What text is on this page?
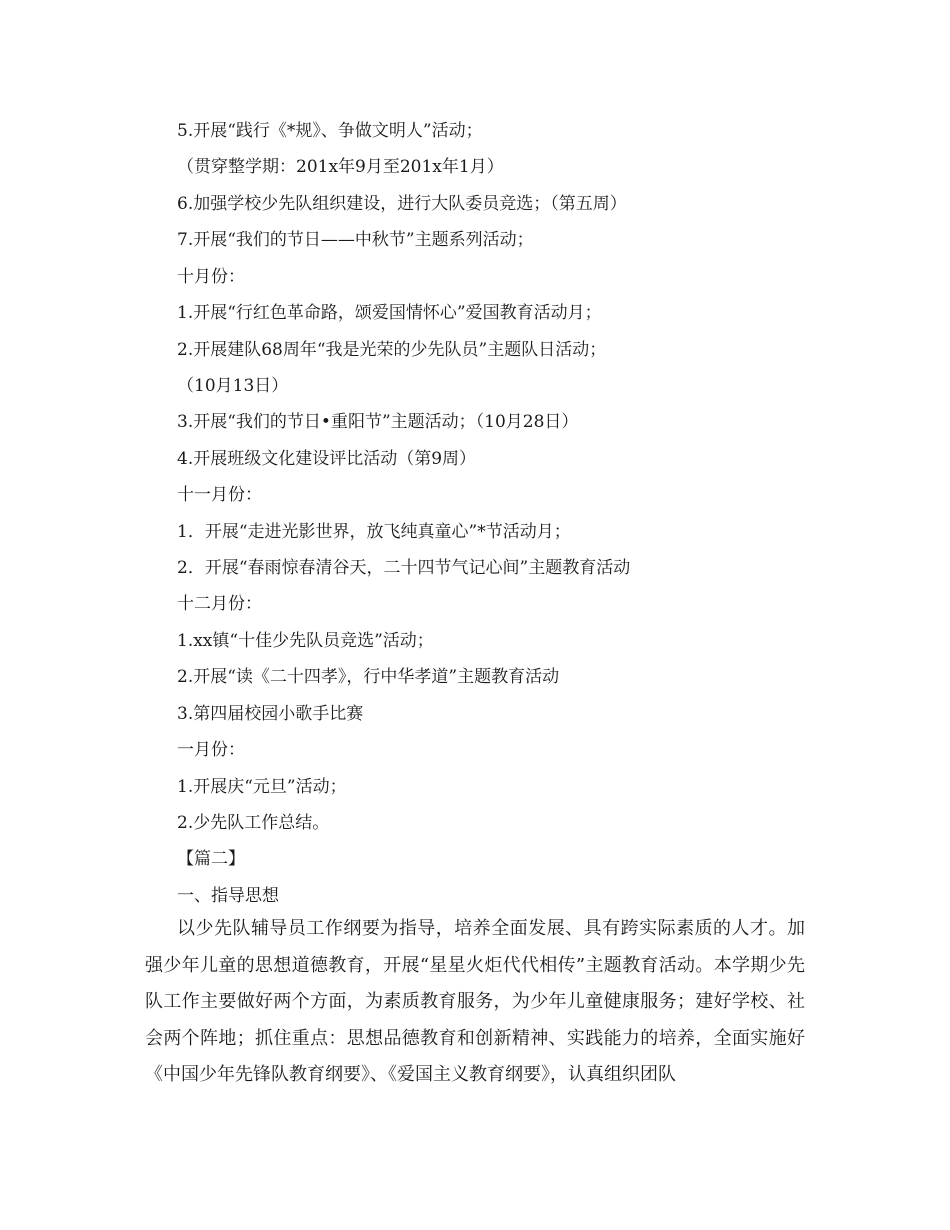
5.开展“践行《*规》、争做文明人”活动；
（贯穿整学期：201x年9月至201x年1月）
6.加强学校少先队组织建设，进行大队委员竞选；（第五周）
7.开展“我们的节日——中秋节”主题系列活动；
十月份：
1.开展“行红色革命路，颂爱国情怀心”爱国教育活动月；
2.开展建队68周年“我是光荣的少先队员”主题队日活动；
（10月13日）
3.开展“我们的节日•重阳节”主题活动；（10月28日）
4.开展班级文化建设评比活动（第9周）
十一月份：
1．开展“走进光影世界，放飞纯真童心”*节活动月；
2．开展“春雨惊春清谷天，二十四节气记心间”主题教育活动
十二月份：
1.xx镇“十佳少先队员竞选”活动；
2.开展“读《二十四孝》，行中华孝道”主题教育活动
3.第四届校园小歌手比赛
一月份：
1.开展庆“元旦”活动；
2.少先队工作总结。
【篇二】
一、指导思想
以少先队辅导员工作纲要为指导，培养全面发展、具有跨实际素质的人才。加强少年儿童的思想道德教育，开展“星星火炬代代相传”主题教育活动。本学期少先队工作主要做好两个方面，为素质教育服务，为少年儿童健康服务；建好学校、社会两个阵地；抓住重点：思想品德教育和创新精神、实践能力的培养，全面实施好《中国少年先锋队教育纲要》、《爱国主义教育纲要》，认真组织团队
